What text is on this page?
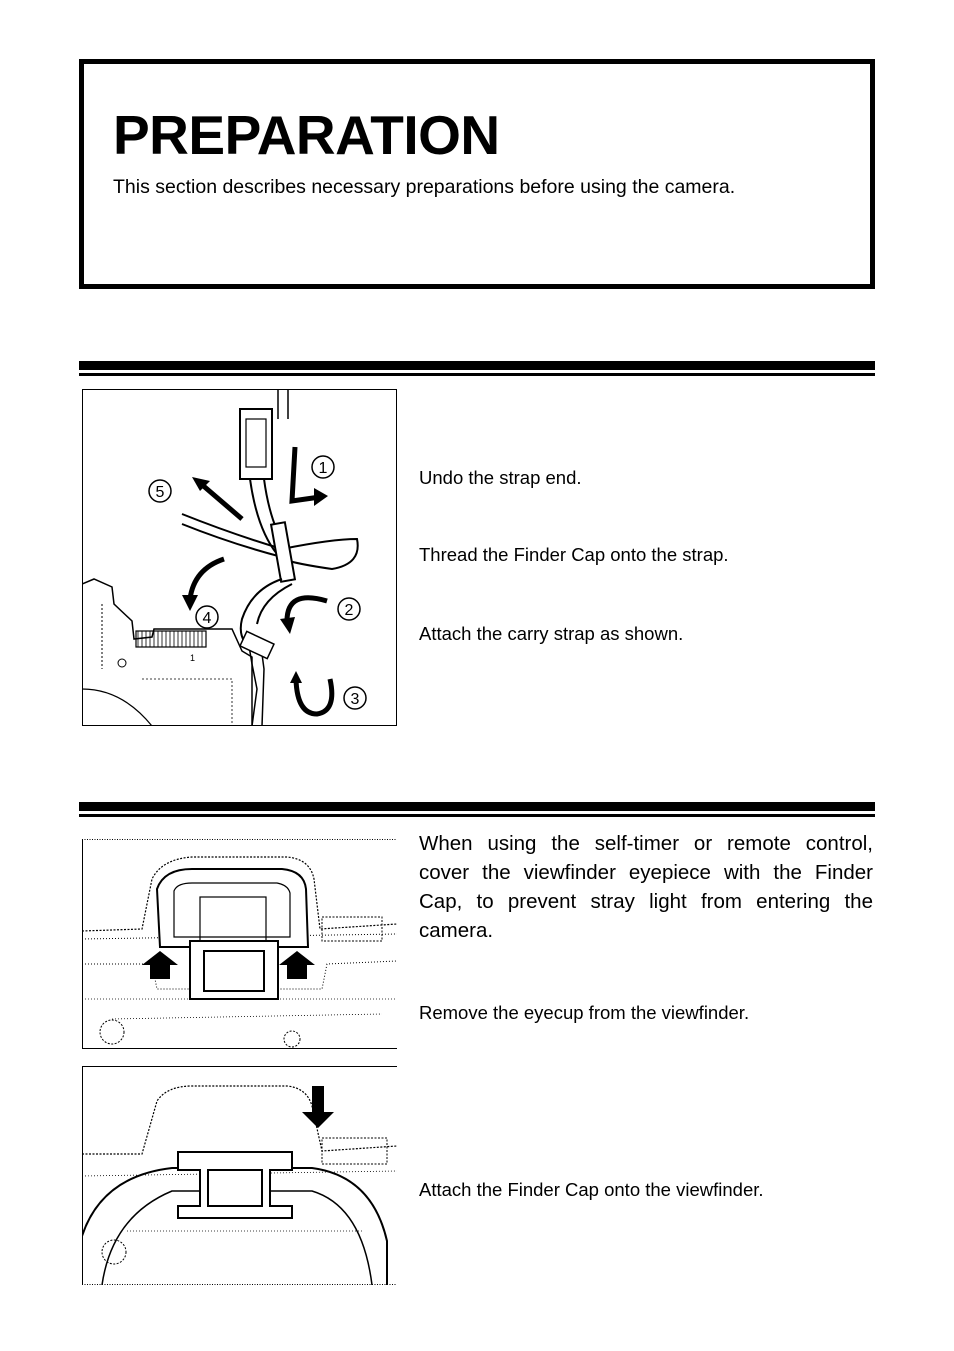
PREPARATION
This section describes necessary preparations before using the camera.
1
1
2
3
4
5
Undo the strap end.
Thread the Finder Cap onto the strap.
Attach the carry strap as shown.
When using the self-timer or remote control, cover the viewfinder eyepiece with the Finder Cap, to prevent stray light from entering the camera.
Remove the eyecup from the viewfinder.
Attach the Finder Cap onto the viewfinder.
